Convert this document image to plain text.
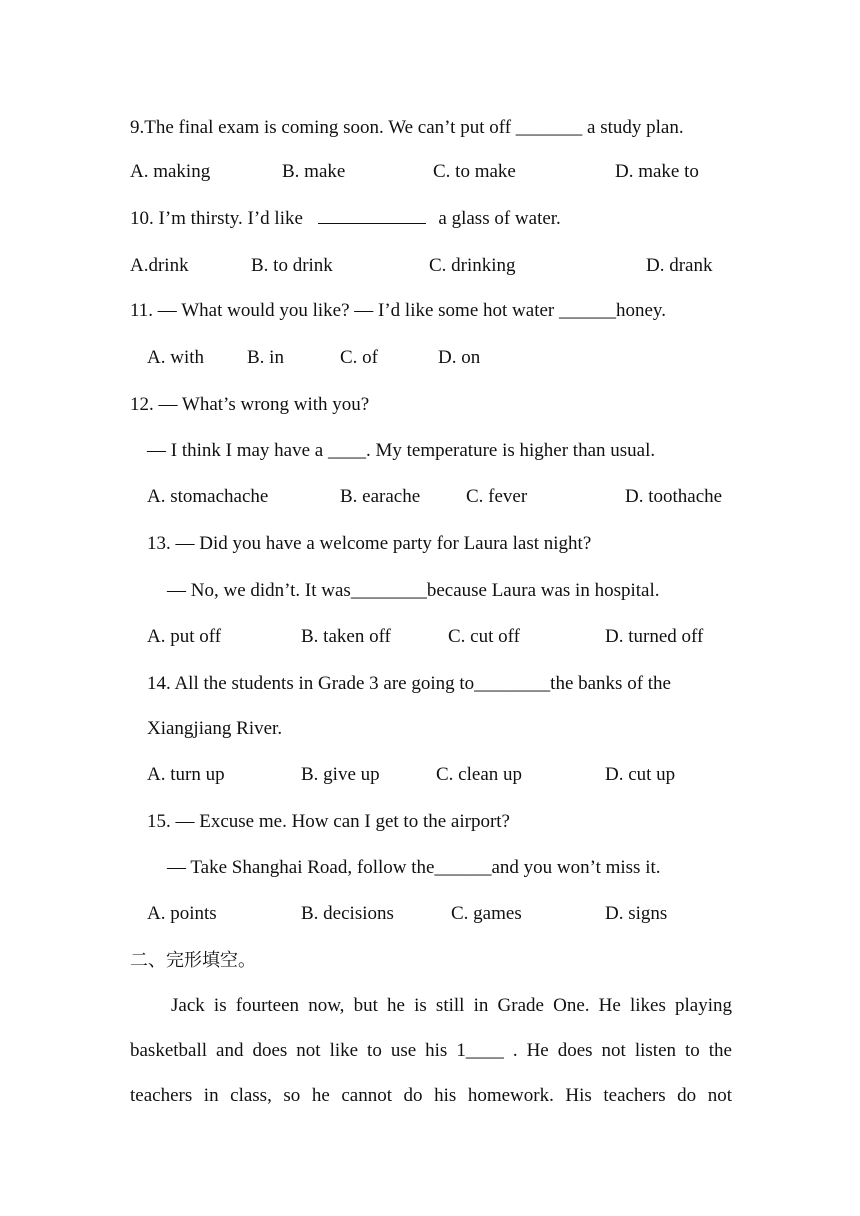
9.The final exam is coming soon. We can’t put off _______ a study plan.
A. making	B. make	C. to make	D. make to
10. I’m thirsty. I’d like	a glass of water.
A.drink	B. to drink	C. drinking	D. drank
11. — What would you like? — I’d like some hot water ______honey.
A. with B. in	C. of	D. on
12. — What’s wrong with you?
— I think I may have a ____. My temperature is higher than usual.
A. stomachache	B. earache C. fever	D. toothache
13. — Did you have a welcome party for Laura last night?
— No, we didn’t. It was________because Laura was in hospital.
A. put off	B. taken off	C. cut off	D. turned off
14. All the students in Grade 3 are going to________the banks of the
Xiangjiang River.
A. turn up	B. give up	C. clean up	D. cut up
15. — Excuse me. How can I get to the airport?
— Take Shanghai Road, follow the______and you won’t miss it.
A. points	B. decisions	C. games	D. signs
二、完形填空。
Jack is fourteen now, but he is still in Grade One. He likes playing
basketball and does not like to use his 1____ . He does not listen to the
teachers in class, so he cannot do his homework. His teachers do not
